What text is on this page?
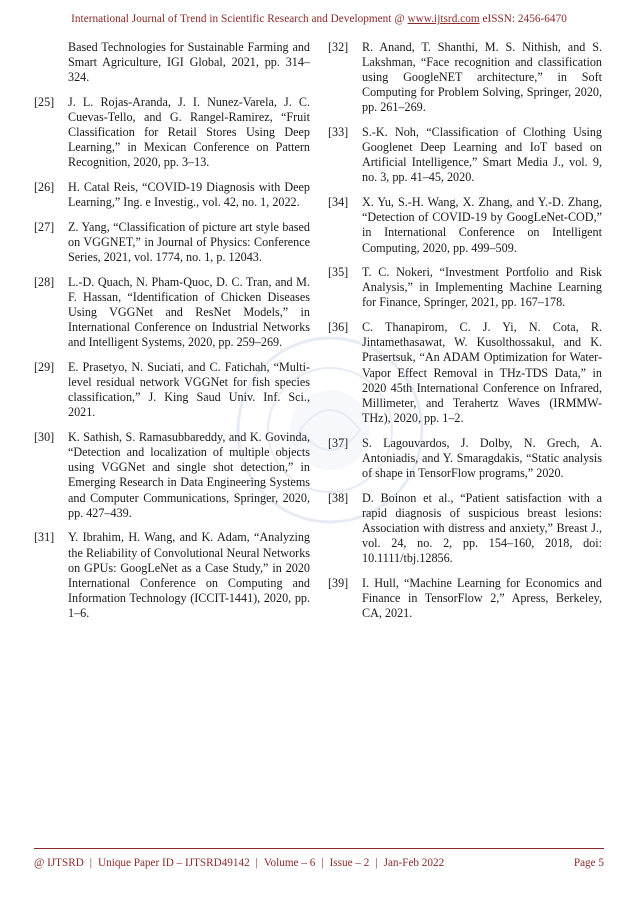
International Journal of Trend in Scientific Research and Development @ www.ijtsrd.com eISSN: 2456-6470
Based Technologies for Sustainable Farming and Smart Agriculture, IGI Global, 2021, pp. 314–324.
[25] J. L. Rojas-Aranda, J. I. Nunez-Varela, J. C. Cuevas-Tello, and G. Rangel-Ramirez, “Fruit Classification for Retail Stores Using Deep Learning,” in Mexican Conference on Pattern Recognition, 2020, pp. 3–13.
[26] H. Catal Reis, “COVID-19 Diagnosis with Deep Learning,” Ing. e Investig., vol. 42, no. 1, 2022.
[27] Z. Yang, “Classification of picture art style based on VGGNET,” in Journal of Physics: Conference Series, 2021, vol. 1774, no. 1, p. 12043.
[28] L.-D. Quach, N. Pham-Quoc, D. C. Tran, and M. F. Hassan, “Identification of Chicken Diseases Using VGGNet and ResNet Models,” in International Conference on Industrial Networks and Intelligent Systems, 2020, pp. 259–269.
[29] E. Prasetyo, N. Suciati, and C. Fatichah, “Multi-level residual network VGGNet for fish species classification,” J. King Saud Univ. Inf. Sci., 2021.
[30] K. Sathish, S. Ramasubbareddy, and K. Govinda, “Detection and localization of multiple objects using VGGNet and single shot detection,” in Emerging Research in Data Engineering Systems and Computer Communications, Springer, 2020, pp. 427–439.
[31] Y. Ibrahim, H. Wang, and K. Adam, “Analyzing the Reliability of Convolutional Neural Networks on GPUs: GoogLeNet as a Case Study,” in 2020 International Conference on Computing and Information Technology (ICCIT-1441), 2020, pp. 1–6.
[32] R. Anand, T. Shanthi, M. S. Nithish, and S. Lakshman, “Face recognition and classification using GoogleNET architecture,” in Soft Computing for Problem Solving, Springer, 2020, pp. 261–269.
[33] S.-K. Noh, “Classification of Clothing Using Googlenet Deep Learning and IoT based on Artificial Intelligence,” Smart Media J., vol. 9, no. 3, pp. 41–45, 2020.
[34] X. Yu, S.-H. Wang, X. Zhang, and Y.-D. Zhang, “Detection of COVID-19 by GoogLeNet-COD,” in International Conference on Intelligent Computing, 2020, pp. 499–509.
[35] T. C. Nokeri, “Investment Portfolio and Risk Analysis,” in Implementing Machine Learning for Finance, Springer, 2021, pp. 167–178.
[36] C. Thanapirom, C. J. Yi, N. Cota, R. Jintamethasawat, W. Kusolthossakul, and K. Prasertsuk, “An ADAM Optimization for Water-Vapor Effect Removal in THz-TDS Data,” in 2020 45th International Conference on Infrared, Millimeter, and Terahertz Waves (IRMMW-THz), 2020, pp. 1–2.
[37] S. Lagouvardos, J. Dolby, N. Grech, A. Antoniadis, and Y. Smaragdakis, “Static analysis of shape in TensorFlow programs,” 2020.
[38] D. Boinon et al., “Patient satisfaction with a rapid diagnosis of suspicious breast lesions: Association with distress and anxiety,” Breast J., vol. 24, no. 2, pp. 154–160, 2018, doi: 10.1111/tbj.12856.
[39] I. Hull, “Machine Learning for Economics and Finance in TensorFlow 2,” Apress, Berkeley, CA, 2021.
@ IJTSRD | Unique Paper ID – IJTSRD49142 | Volume – 6 | Issue – 2 | Jan-Feb 2022	Page 5
